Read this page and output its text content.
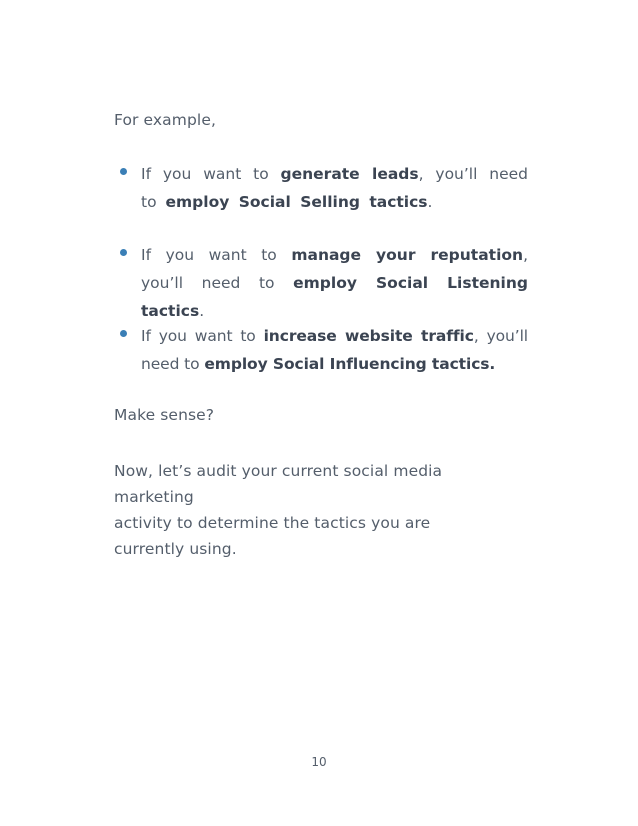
For example,

If you want to generate leads, you’ll need to employ Social Selling tactics.
If you want to manage your reputation, you’ll need to employ Social Listening tactics.
If you want to increase website traffic, you’ll need to employ Social Influencing tactics.

Make sense?

Now, let’s audit your current social media marketing
activity to determine the tactics you are
currently using.

10
